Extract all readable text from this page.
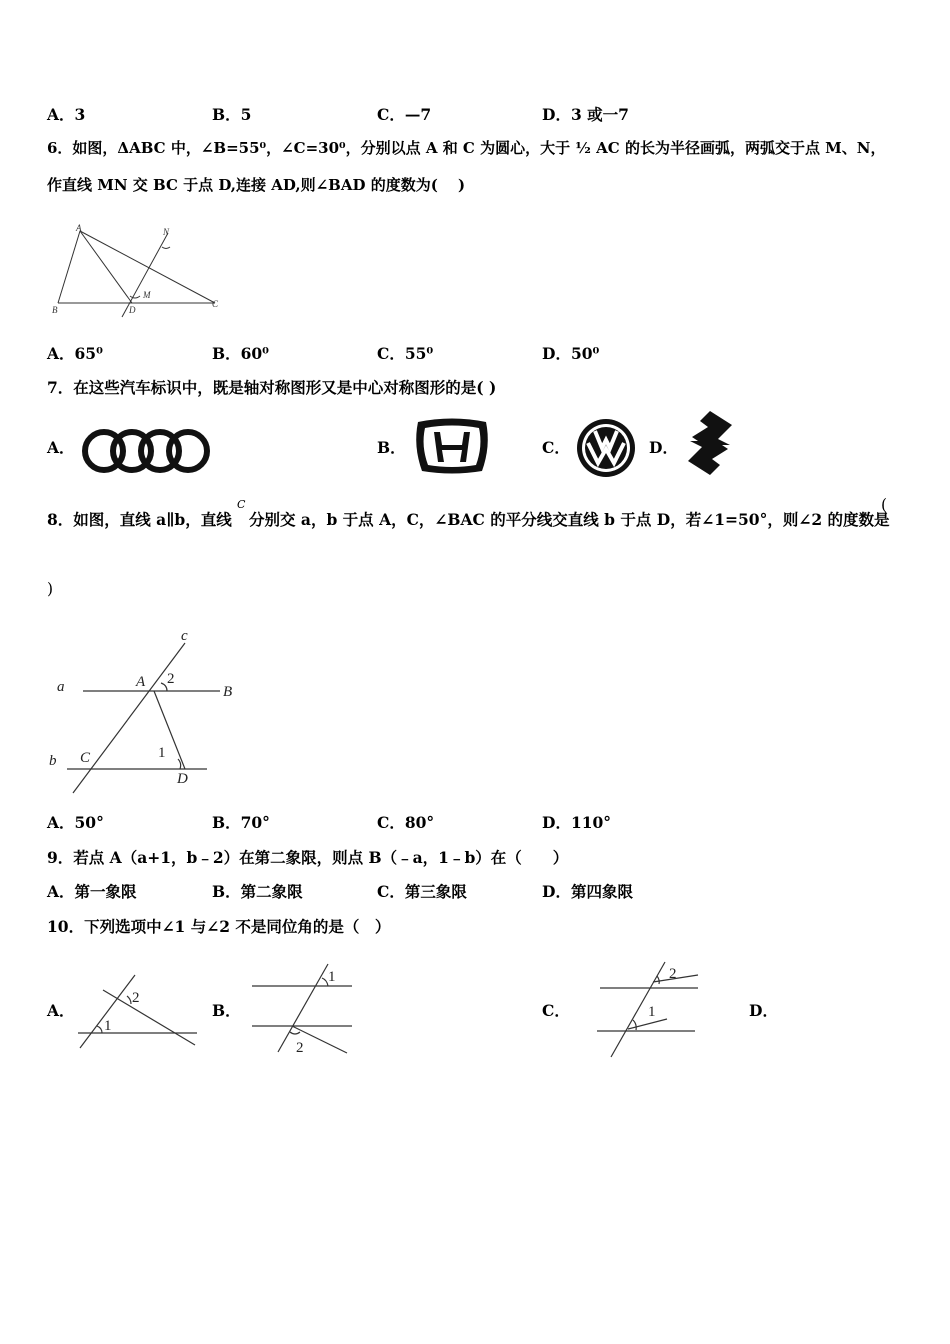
A．3	B．5	C．—7	D．3 或一7
6．如图，ΔABC 中，∠B=55⁰，∠C=30⁰，分别以点 A 和 C 为圆心，大于 ½ AC 的长为半径画弧，两弧交于点 M、N，
作直线 MN 交 BC 于点 D,连接 AD,则∠BAD 的度数为(　 )
A
B
C
D
M
N
A．65⁰	B．60⁰	C．55⁰	D．50⁰
7．在这些汽车标识中，既是轴对称图形又是中心对称图形的是( )
A．	B．	C．	D．
8．如图，直线 a∥b，直线
C
分别交 a，b 于点 A，C，∠BAC 的平分线交直线 b 于点 D，若∠1=50°，则∠2 的度数是
(
)
c
a	A 2
B
b C	1
D
A．50°	B．70°	C．80°	D．110°
9．若点 A（a+1，b﹣2）在第二象限，则点 B（﹣a，1﹣b）在（　　）
A．第一象限	B．第二象限	C．第三象限	D．第四象限
10．下列选项中∠1 与∠2 不是同位角的是（　）
A．
2
1
B．
1
2
C．
2
1	D．
